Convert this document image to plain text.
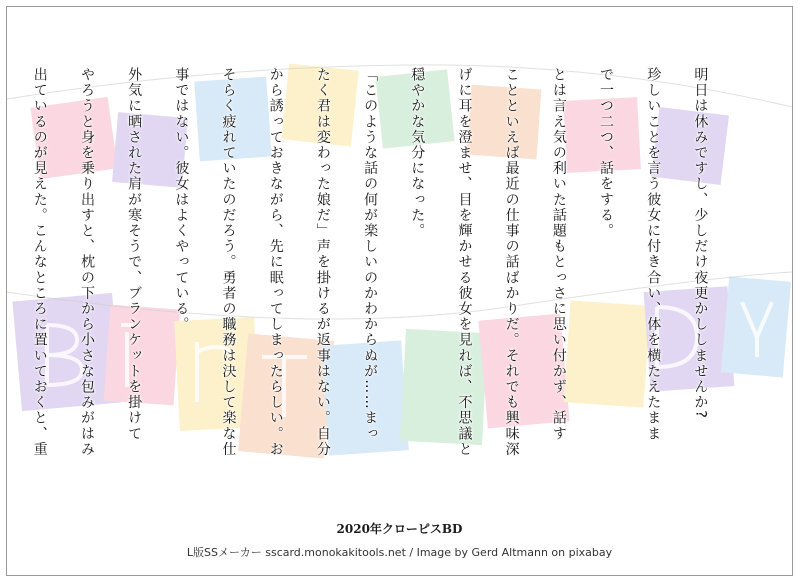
明日は休みですし、少しだけ夜更かししませんか?

珍しいことを言う彼女に付き合い、体を横たえたまま

で一つ二つ、話をする。

とは言え気の利いた話題もとっさに思い付かず、話す

ことといえば最近の仕事の話ばかりだ。それでも興味深

げに耳を澄ませ、目を輝かせる彼女を見れば、不思議と

穏やかな気分になった。

「このような話の何が楽しいのかわからぬが……まっ

たく君は変わった娘だ」声を掛けるが返事はない。自分

から誘っておきながら、先に眠ってしまったらしい。お

そらく疲れていたのだろう。勇者の職務は決して楽な仕

事ではない。彼女はよくやっている。

外気に晒された肩が寒そうで、ブランケットを掛けて

やろうと身を乗り出すと、枕の下から小さな包みがはみ

出ているのが見えた。こんなところに置いておくと、重

2020年クローピスBD
L版SSメーカー sscard.monokakitools.net / Image by Gerd Altmann on pixabay
